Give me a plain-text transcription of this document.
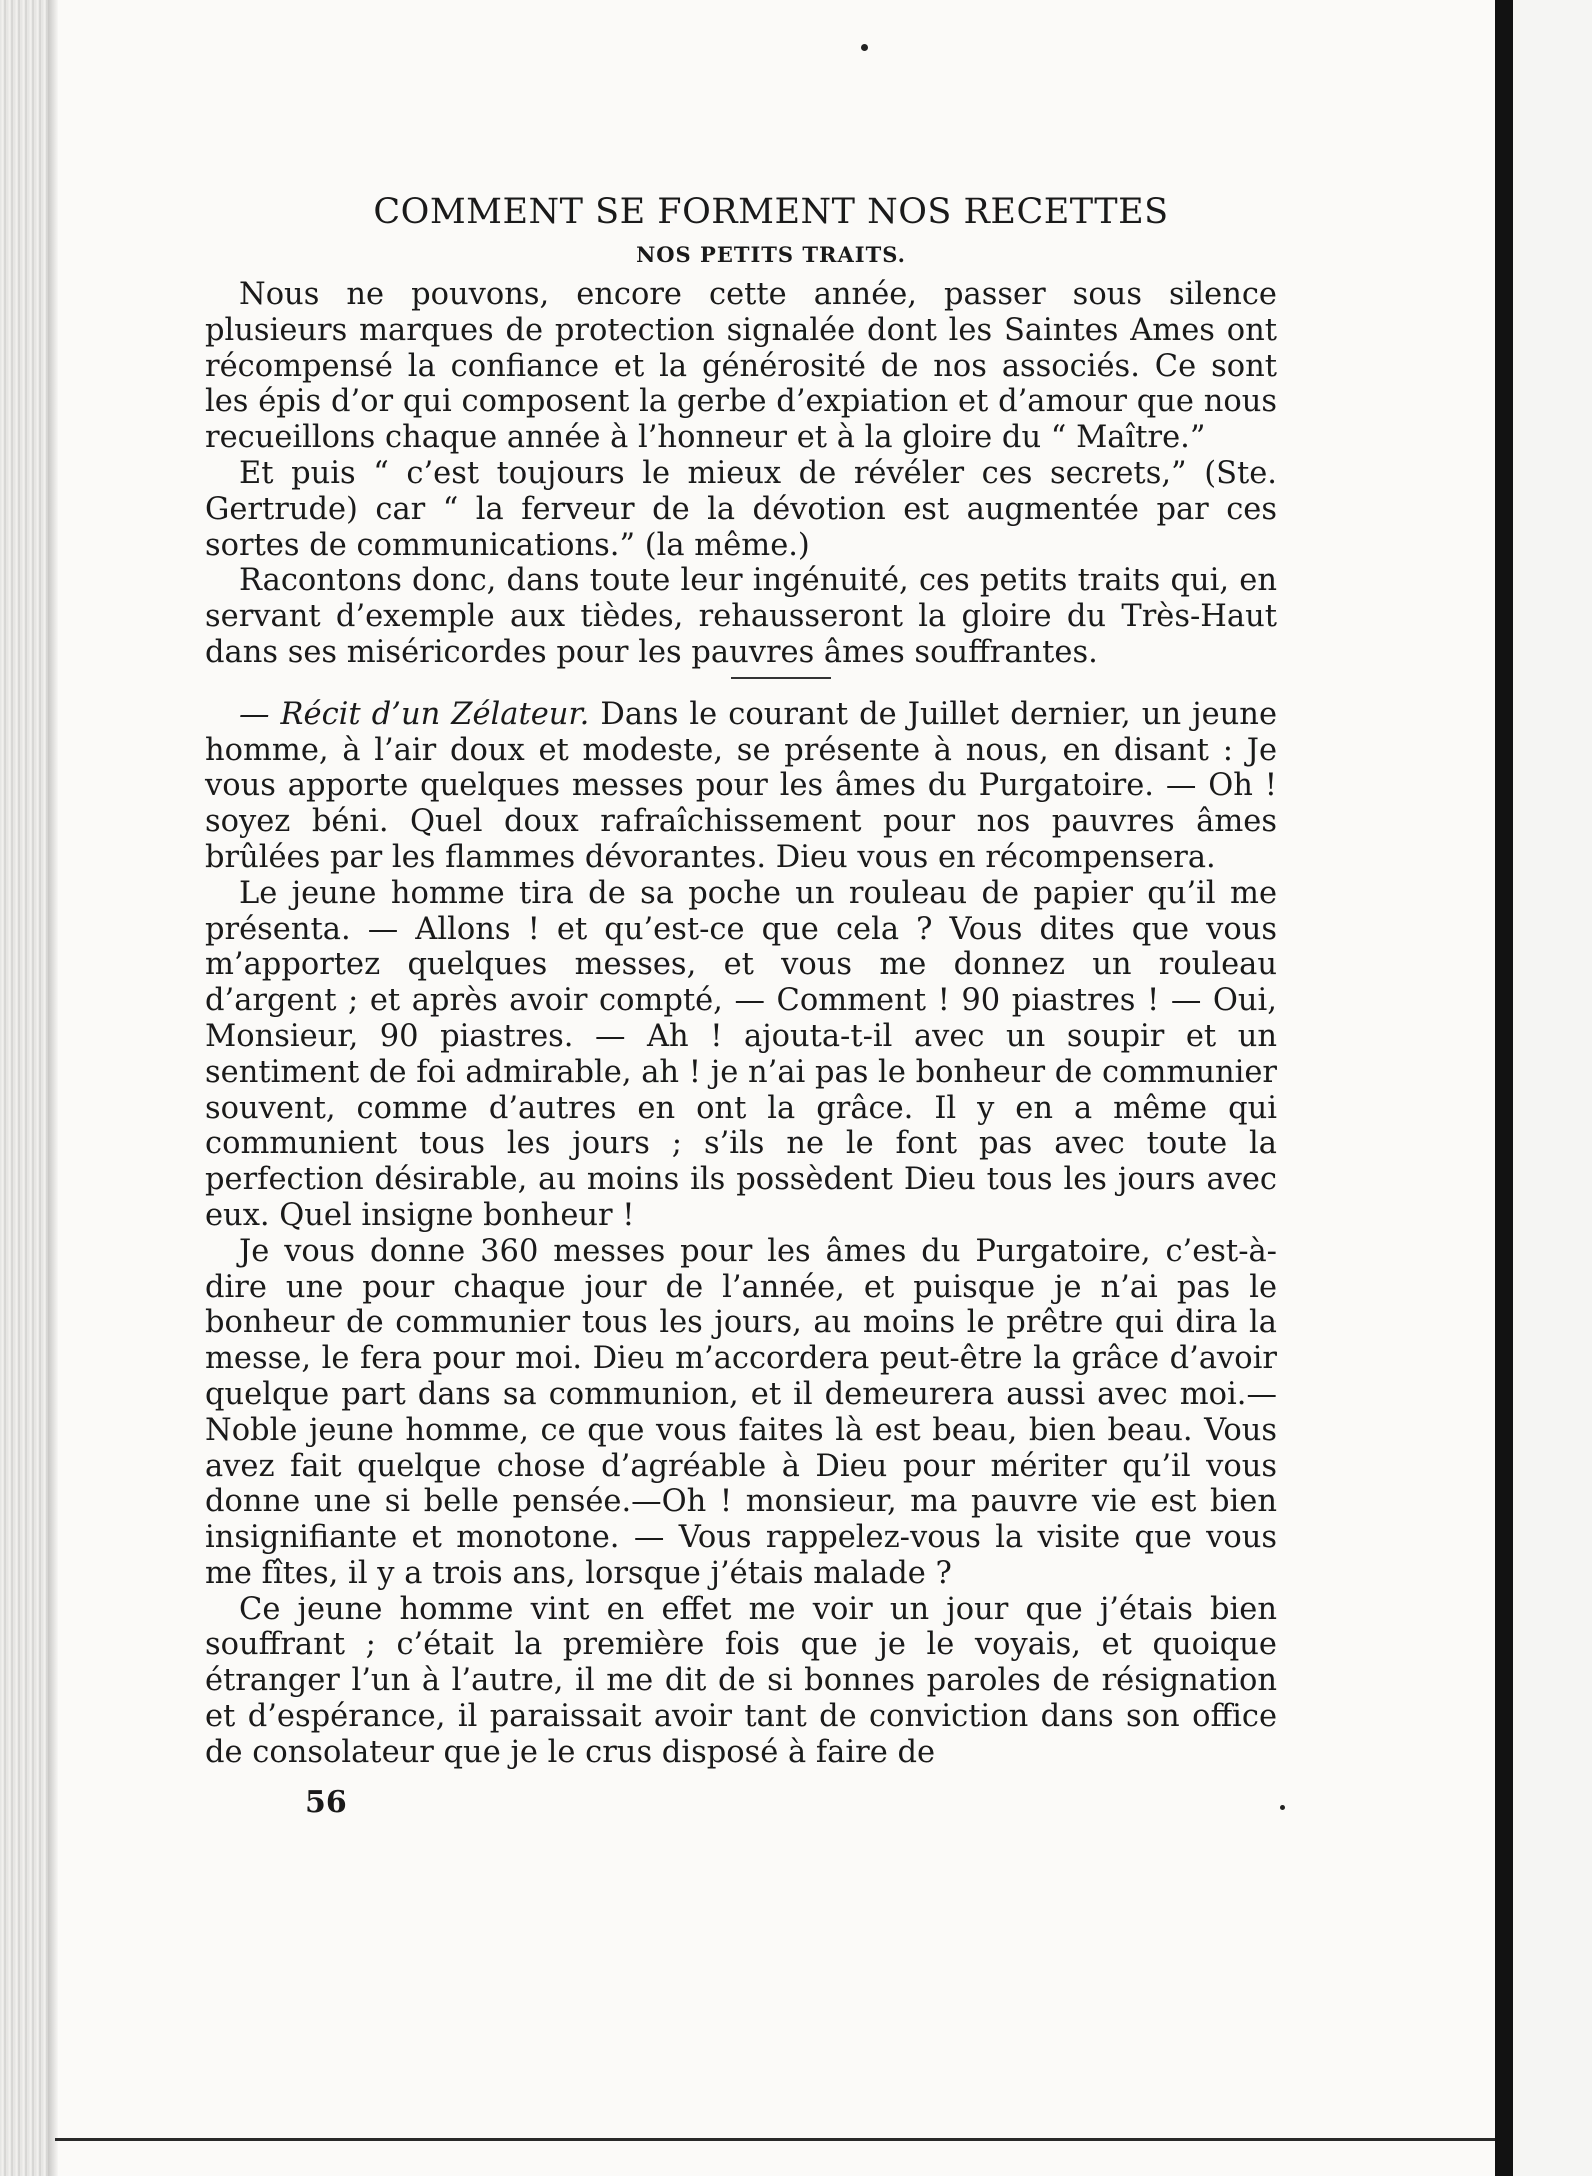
COMMENT SE FORMENT NOS RECETTES
NOS PETITS TRAITS.

Nous ne pouvons, encore cette année, passer sous silence plusieurs marques de protection signalée dont les Saintes Ames ont récompensé la confiance et la générosité de nos associés. Ce sont les épis d’or qui composent la gerbe d’expiation et d’amour que nous recueillons chaque année à l’honneur et à la gloire du “ Maître.”

Et puis “ c’est toujours le mieux de révéler ces secrets,” (Ste. Gertrude) car “ la ferveur de la dévotion est augmentée par ces sortes de communications.” (la même.)

Racontons donc, dans toute leur ingénuité, ces petits traits qui, en servant d’exemple aux tièdes, rehausseront la gloire du Très-Haut dans ses miséricordes pour les pauvres âmes souffrantes.

— Récit d’un Zélateur. Dans le courant de Juillet dernier, un jeune homme, à l’air doux et modeste, se présente à nous, en disant : Je vous apporte quelques messes pour les âmes du Purgatoire. — Oh ! soyez béni. Quel doux rafraîchissement pour nos pauvres âmes brûlées par les flammes dévorantes. Dieu vous en récompensera.

Le jeune homme tira de sa poche un rouleau de papier qu’il me présenta. — Allons ! et qu’est-ce que cela ? Vous dites que vous m’apportez quelques messes, et vous me donnez un rouleau d’argent ; et après avoir compté, — Comment ! 90 piastres ! — Oui, Monsieur, 90 piastres. — Ah ! ajouta-t-il avec un soupir et un sentiment de foi admirable, ah ! je n’ai pas le bonheur de communier souvent, comme d’autres en ont la grâce. Il y en a même qui communient tous les jours ; s’ils ne le font pas avec toute la perfection désirable, au moins ils possèdent Dieu tous les jours avec eux. Quel insigne bonheur !

Je vous donne 360 messes pour les âmes du Purgatoire, c’est-à-dire une pour chaque jour de l’année, et puisque je n’ai pas le bonheur de communier tous les jours, au moins le prêtre qui dira la messe, le fera pour moi. Dieu m’accordera peut-être la grâce d’avoir quelque part dans sa communion, et il demeurera aussi avec moi.—Noble jeune homme, ce que vous faites là est beau, bien beau. Vous avez fait quelque chose d’agréable à Dieu pour mériter qu’il vous donne une si belle pensée.—Oh ! monsieur, ma pauvre vie est bien insignifiante et monotone. — Vous rappelez-vous la visite que vous me fîtes, il y a trois ans, lorsque j’étais malade ?

Ce jeune homme vint en effet me voir un jour que j’étais bien souffrant ; c’était la première fois que je le voyais, et quoique étranger l’un à l’autre, il me dit de si bonnes paroles de résignation et d’espérance, il paraissait avoir tant de conviction dans son office de consolateur que je le crus disposé à faire de

56
